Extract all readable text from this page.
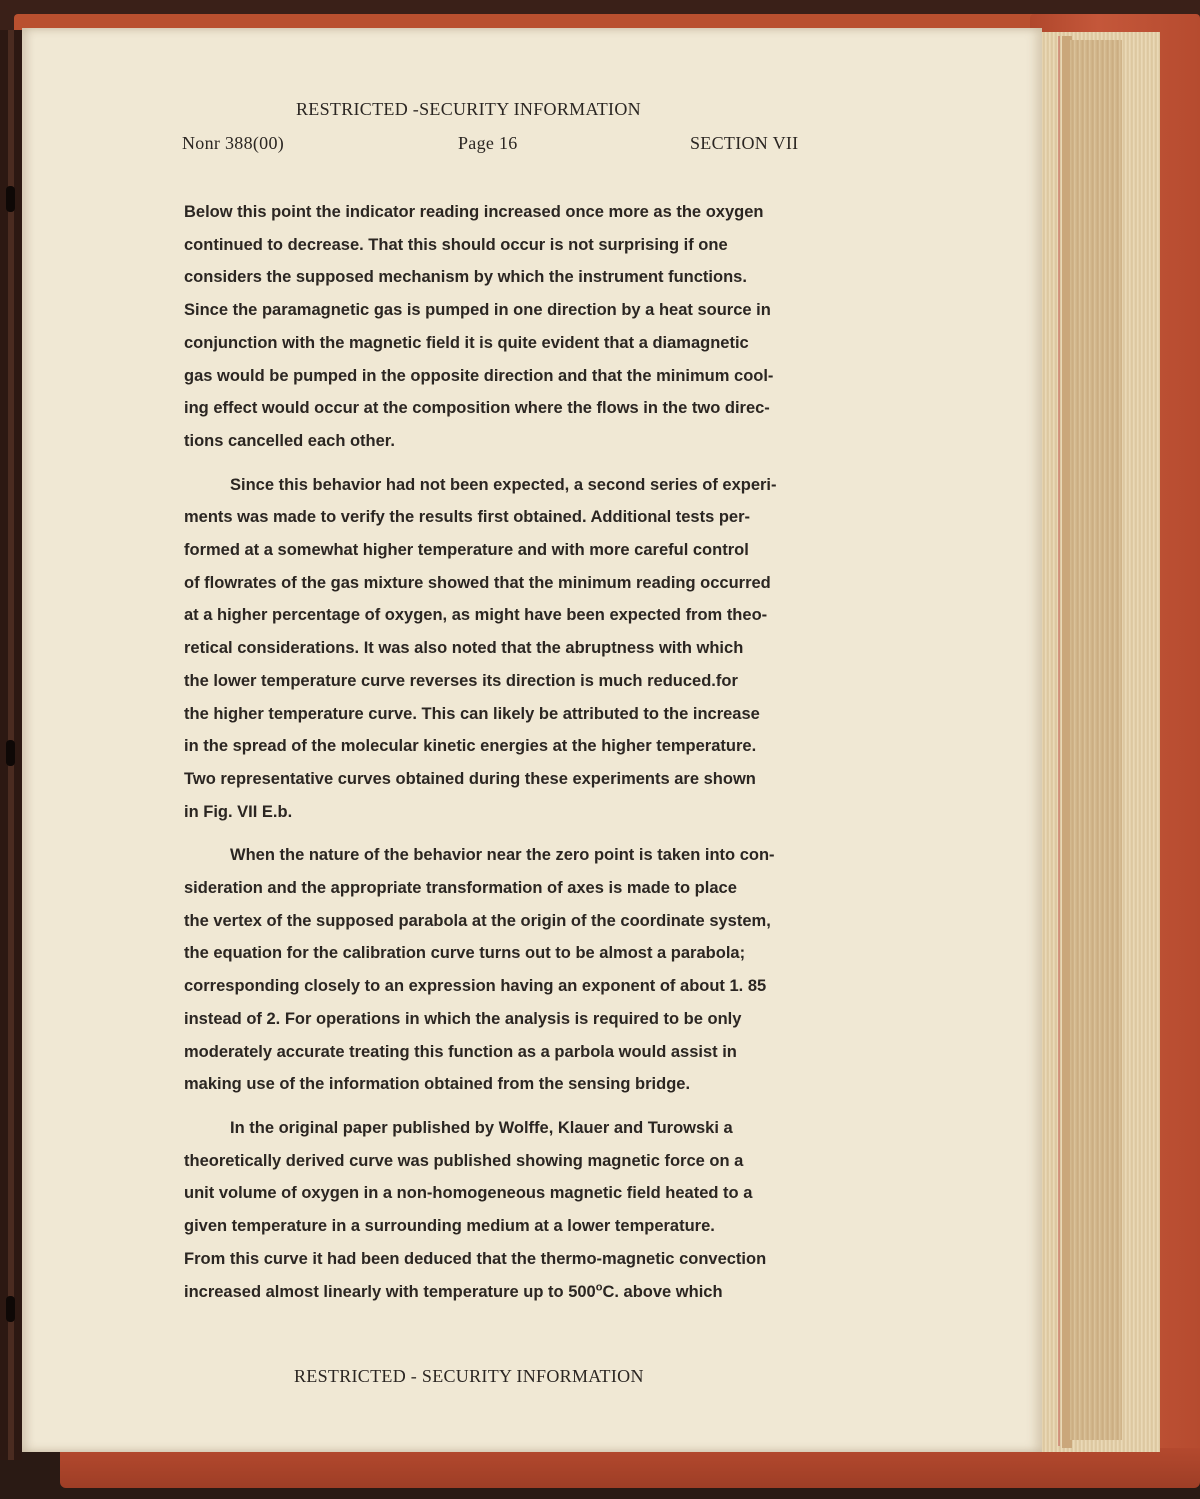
RESTRICTED -SECURITY INFORMATION
Nonr 388(00)	Page 16	SECTION VII

Below this point the indicator reading increased once more as the oxygen
continued to decrease. That this should occur is not surprising if one
considers the supposed mechanism by which the instrument functions.
Since the paramagnetic gas is pumped in one direction by a heat source in
conjunction with the magnetic field it is quite evident that a diamagnetic
gas would be pumped in the opposite direction and that the minimum cool-
ing effect would occur at the composition where the flows in the two direc-
tions cancelled each other.

Since this behavior had not been expected, a second series of experi-
ments was made to verify the results first obtained. Additional tests per-
formed at a somewhat higher temperature and with more careful control
of flowrates of the gas mixture showed that the minimum reading occurred
at a higher percentage of oxygen, as might have been expected from theo-
retical considerations. It was also noted that the abruptness with which
the lower temperature curve reverses its direction is much reduced.for
the higher temperature curve. This can likely be attributed to the increase
in the spread of the molecular kinetic energies at the higher temperature.
Two representative curves obtained during these experiments are shown
in Fig. VII E.b.

When the nature of the behavior near the zero point is taken into con-
sideration and the appropriate transformation of axes is made to place
the vertex of the supposed parabola at the origin of the coordinate system,
the equation for the calibration curve turns out to be almost a parabola;
corresponding closely to an expression having an exponent of about 1. 85
instead of 2. For operations in which the analysis is required to be only
moderately accurate treating this function as a parbola would assist in
making use of the information obtained from the sensing bridge.

In the original paper published by Wolffe, Klauer and Turowski a
theoretically derived curve was published showing magnetic force on a
unit volume of oxygen in a non-homogeneous magnetic field heated to a
given temperature in a surrounding medium at a lower temperature.
From this curve it had been deduced that the thermo-magnetic convection
increased almost linearly with temperature up to 500$^o$C. above which

RESTRICTED - SECURITY INFORMATION
